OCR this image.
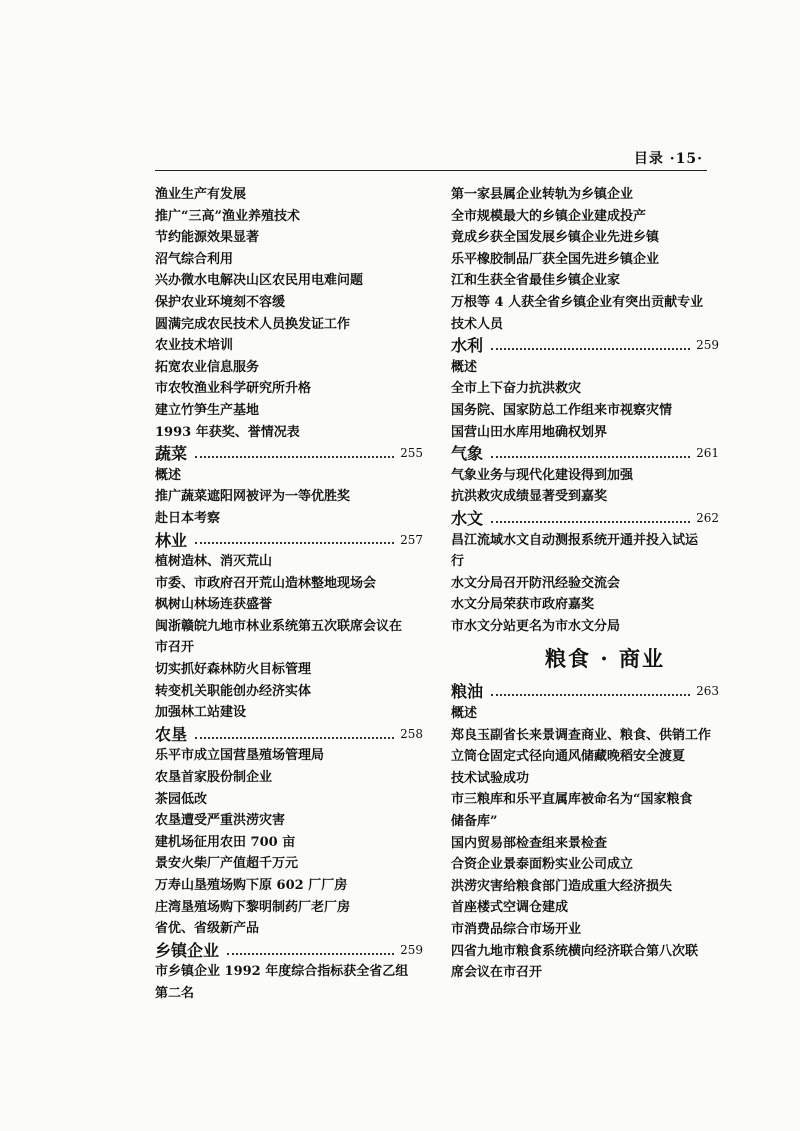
目录 ·15·
渔业生产有发展
推广“三高”渔业养殖技术
节约能源效果显著
沼气综合利用
兴办微水电解决山区农民用电难问题
保护农业环境刻不容缓
圆满完成农民技术人员换发证工作
农业技术培训
拓宽农业信息服务
市农牧渔业科学研究所升格
建立竹笋生产基地
1993 年获奖、誉情况表
蔬菜	255
概述
推广蔬菜遮阳网被评为一等优胜奖
赴日本考察
林业	257
植树造林、消灭荒山
市委、市政府召开荒山造林整地现场会
枫树山林场连获盛誉
闽浙赣皖九地市林业系统第五次联席会议在
市召开
切实抓好森林防火目标管理
转变机关职能创办经济实体
加强林工站建设
农垦	258
乐平市成立国营垦殖场管理局
农垦首家股份制企业
茶园低改
农垦遭受严重洪涝灾害
建机场征用农田 700 亩
景安火柴厂产值超千万元
万寿山垦殖场购下原 602 厂厂房
庄湾垦殖场购下黎明制药厂老厂房
省优、省级新产品
乡镇企业	259
市乡镇企业 1992 年度综合指标获全省乙组
第二名
第一家县属企业转轨为乡镇企业
全市规模最大的乡镇企业建成投产
竟成乡获全国发展乡镇企业先进乡镇
乐平橡胶制品厂获全国先进乡镇企业
江和生获全省最佳乡镇企业家
万根等 4 人获全省乡镇企业有突出贡献专业
技术人员
水利	259
概述
全市上下奋力抗洪救灾
国务院、国家防总工作组来市视察灾情
国营山田水库用地确权划界
气象	261
气象业务与现代化建设得到加强
抗洪救灾成绩显著受到嘉奖
水文	262
昌江流域水文自动测报系统开通并投入试运
行
水文分局召开防汛经验交流会
水文分局荣获市政府嘉奖
市水文分站更名为市水文分局
粮食 · 商业
粮油	263
概述
郑良玉副省长来景调查商业、粮食、供销工作
立筒仓固定式径向通风储藏晚稻安全渡夏
技术试验成功
市三粮库和乐平直属库被命名为“国家粮食
储备库”
国内贸易部检查组来景检查
合资企业景泰面粉实业公司成立
洪涝灾害给粮食部门造成重大经济损失
首座楼式空调仓建成
市消费品综合市场开业
四省九地市粮食系统横向经济联合第八次联
席会议在市召开
